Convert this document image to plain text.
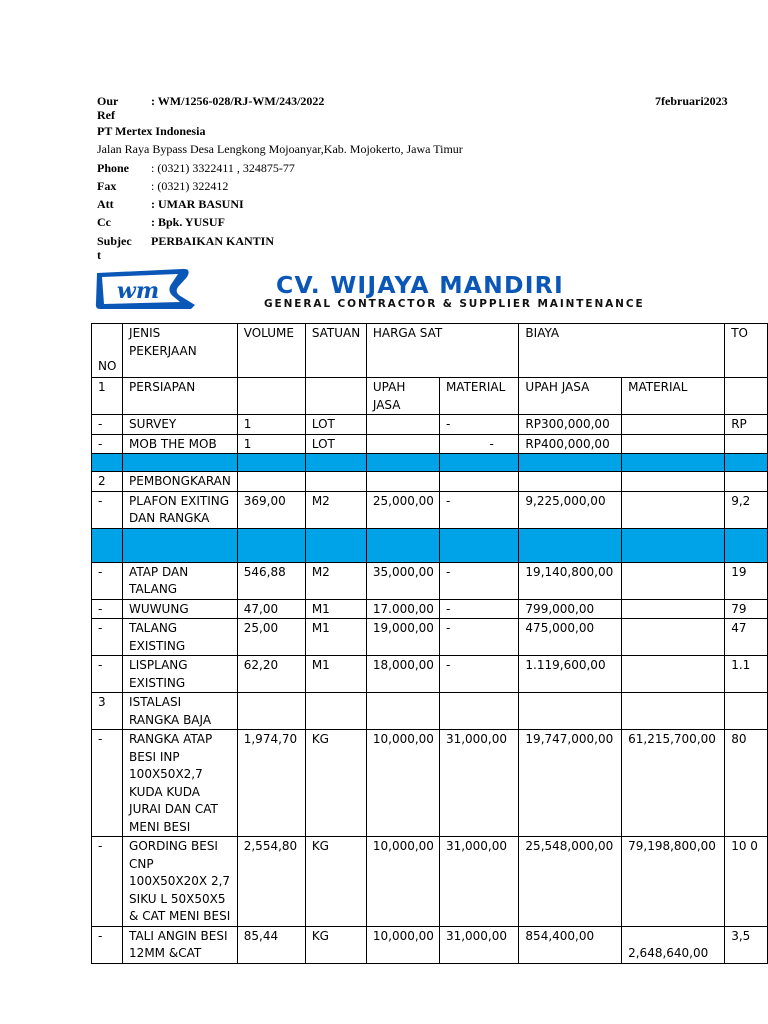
Our Ref
: WM/1256-028/RJ-WM/243/2022	7februari2023
PT Mertex Indonesia
Jalan Raya Bypass Desa Lengkong Mojoanyar,Kab. Mojokerto, Jawa Timur
Phone	: (0321) 3322411 , 324875-77
Fax	: (0321) 322412
Att	: UMAR BASUNI
Cc	: Bpk. YUSUF
Subject
PERBAIKAN KANTIN
wm	CV. WIJAYA MANDIRI
GENERAL CONTRACTOR & SUPPLIER MAINTENANCE
NO	JENIS PEKERJAAN	VOLUME	SATUAN	HARGA SAT		BIAYA		TO
1	PERSIAPAN			UPAH JASA	MATERIAL	UPAH JASA	MATERIAL	
-	SURVEY	1	LOT		-	RP300,000,00		RP
-	MOB THE MOB	1	LOT		-	RP400,000,00		

2	PEMBONGKARAN							
-	PLAFON EXITING DAN RANGKA	369,00	M2	25,000,00	-	9,225,000,00		9,2

-	ATAP DAN TALANG	546,88	M2	35,000,00	-	19,140,800,00		19
-	WUWUNG	47,00	M1	17.000,00	-	799,000,00		79
-	TALANG EXISTING	25,00	M1	19,000,00	-	475,000,00		47
-	LISPLANG EXISTING	62,20	M1	18,000,00	-	1.119,600,00		1.1
3	ISTALASI RANGKA BAJA							
-	RANGKA ATAP BESI INP 100X50X2,7 KUDA KUDA JURAI DAN CAT MENI BESI	1,974,70	KG	10,000,00	31,000,00	19,747,000,00	61,215,700,00	80
-	GORDING BESI CNP 100X50X20X 2,7 SIKU L 50X50X5 & CAT MENI BESI	2,554,80	KG	10,000,00	31,000,00	25,548,000,00	79,198,800,00	10 0
-	TALI ANGIN BESI 12MM &CAT	85,44	KG	10,000,00	31,000,00	854,400,00	2,648,640,00	3,5
